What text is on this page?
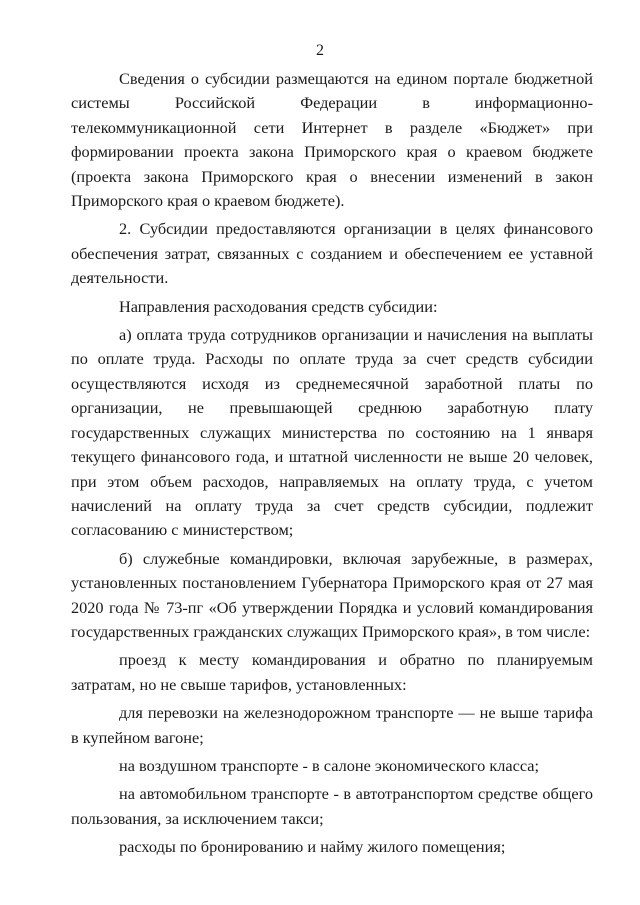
2

Сведения о субсидии размещаются на едином портале бюджетной системы Российской Федерации в информационно-телекоммуникационной сети Интернет в разделе «Бюджет» при формировании проекта закона Приморского края о краевом бюджете (проекта закона Приморского края о внесении изменений в закон Приморского края о краевом бюджете).

2. Субсидии предоставляются организации в целях финансового обеспечения затрат, связанных с созданием и обеспечением ее уставной деятельности.

Направления расходования средств субсидии:

а) оплата труда сотрудников организации и начисления на выплаты по оплате труда. Расходы по оплате труда за счет средств субсидии осуществляются исходя из среднемесячной заработной платы по организации, не превышающей среднюю заработную плату государственных служащих министерства по состоянию на 1 января текущего финансового года, и штатной численности не выше 20 человек, при этом объем расходов, направляемых на оплату труда, с учетом начислений на оплату труда за счет средств субсидии, подлежит согласованию с министерством;

б) служебные командировки, включая зарубежные, в размерах, установленных постановлением Губернатора Приморского края от 27 мая 2020 года № 73-пг «Об утверждении Порядка и условий командирования государственных гражданских служащих Приморского края», в том числе:

проезд к месту командирования и обратно по планируемым затратам, но не свыше тарифов, установленных:

для перевозки на железнодорожном транспорте — не выше тарифа в купейном вагоне;

на воздушном транспорте - в салоне экономического класса;

на автомобильном транспорте - в автотранспортом средстве общего пользования, за исключением такси;

расходы по бронированию и найму жилого помещения;
